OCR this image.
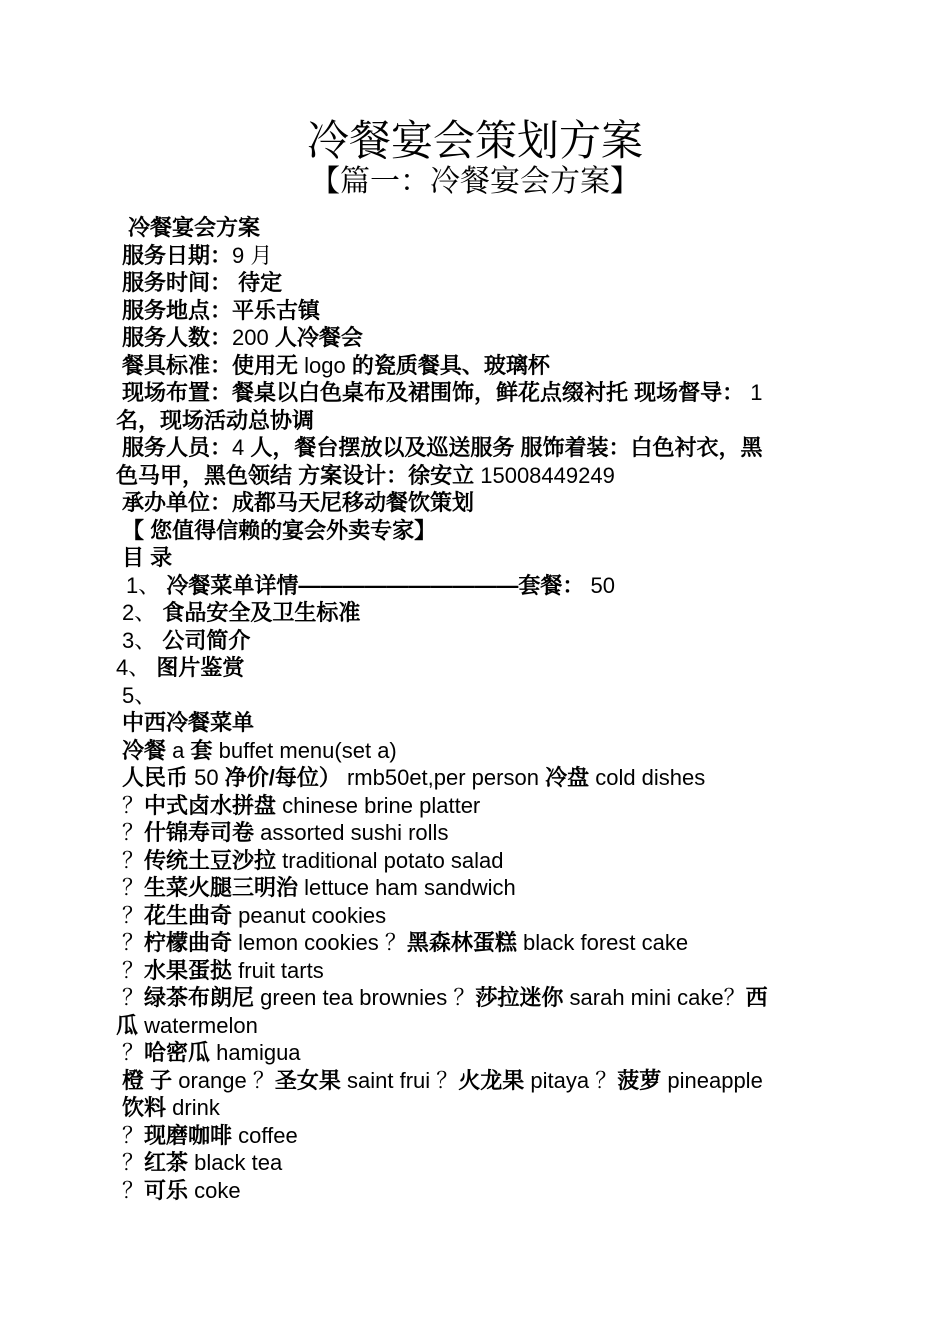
冷餐宴会策划方案
【篇一：冷餐宴会方案】
冷餐宴会方案
服务日期：9 月
服务时间： 待定
服务地点：平乐古镇
服务人数：200 人冷餐会
餐具标准：使用无 logo 的瓷质餐具、玻璃杯
现场布置：餐桌以白色桌布及裙围饰，鲜花点缀衬托 现场督导： 1
名，现场活动总协调
服务人员：4 人，餐台摆放以及巡送服务 服饰着装：白色衬衣，黑
色马甲，黑色领结 方案设计：徐安立 15008449249
承办单位：成都马天尼移动餐饮策划
【 您值得信赖的宴会外卖专家】
目 录
1、 冷餐菜单详情——————————套餐： 50
2、 食品安全及卫生标准
3、 公司简介
4、 图片鉴赏
5、
中西冷餐菜单
冷餐 a 套 buffet menu(set a)
人民币 50 净价/每位） rmb50et,per person 冷盘 cold dishes
？中式卤水拼盘 chinese brine platter
？什锦寿司卷 assorted sushi rolls
？传统土豆沙拉 traditional potato salad
？生菜火腿三明治 lettuce ham sandwich
？花生曲奇 peanut cookies
？柠檬曲奇 lemon cookies ？黑森林蛋糕 black forest cake
？水果蛋挞 fruit tarts
？绿茶布朗尼 green tea brownies ？莎拉迷你 sarah mini cake？西
瓜 watermelon
？哈密瓜 hamigua
橙 子 orange ？圣女果 saint frui ？火龙果 pitaya ？菠萝 pineapple
饮料 drink
？现磨咖啡 coffee
？红茶 black tea
？可乐 coke
